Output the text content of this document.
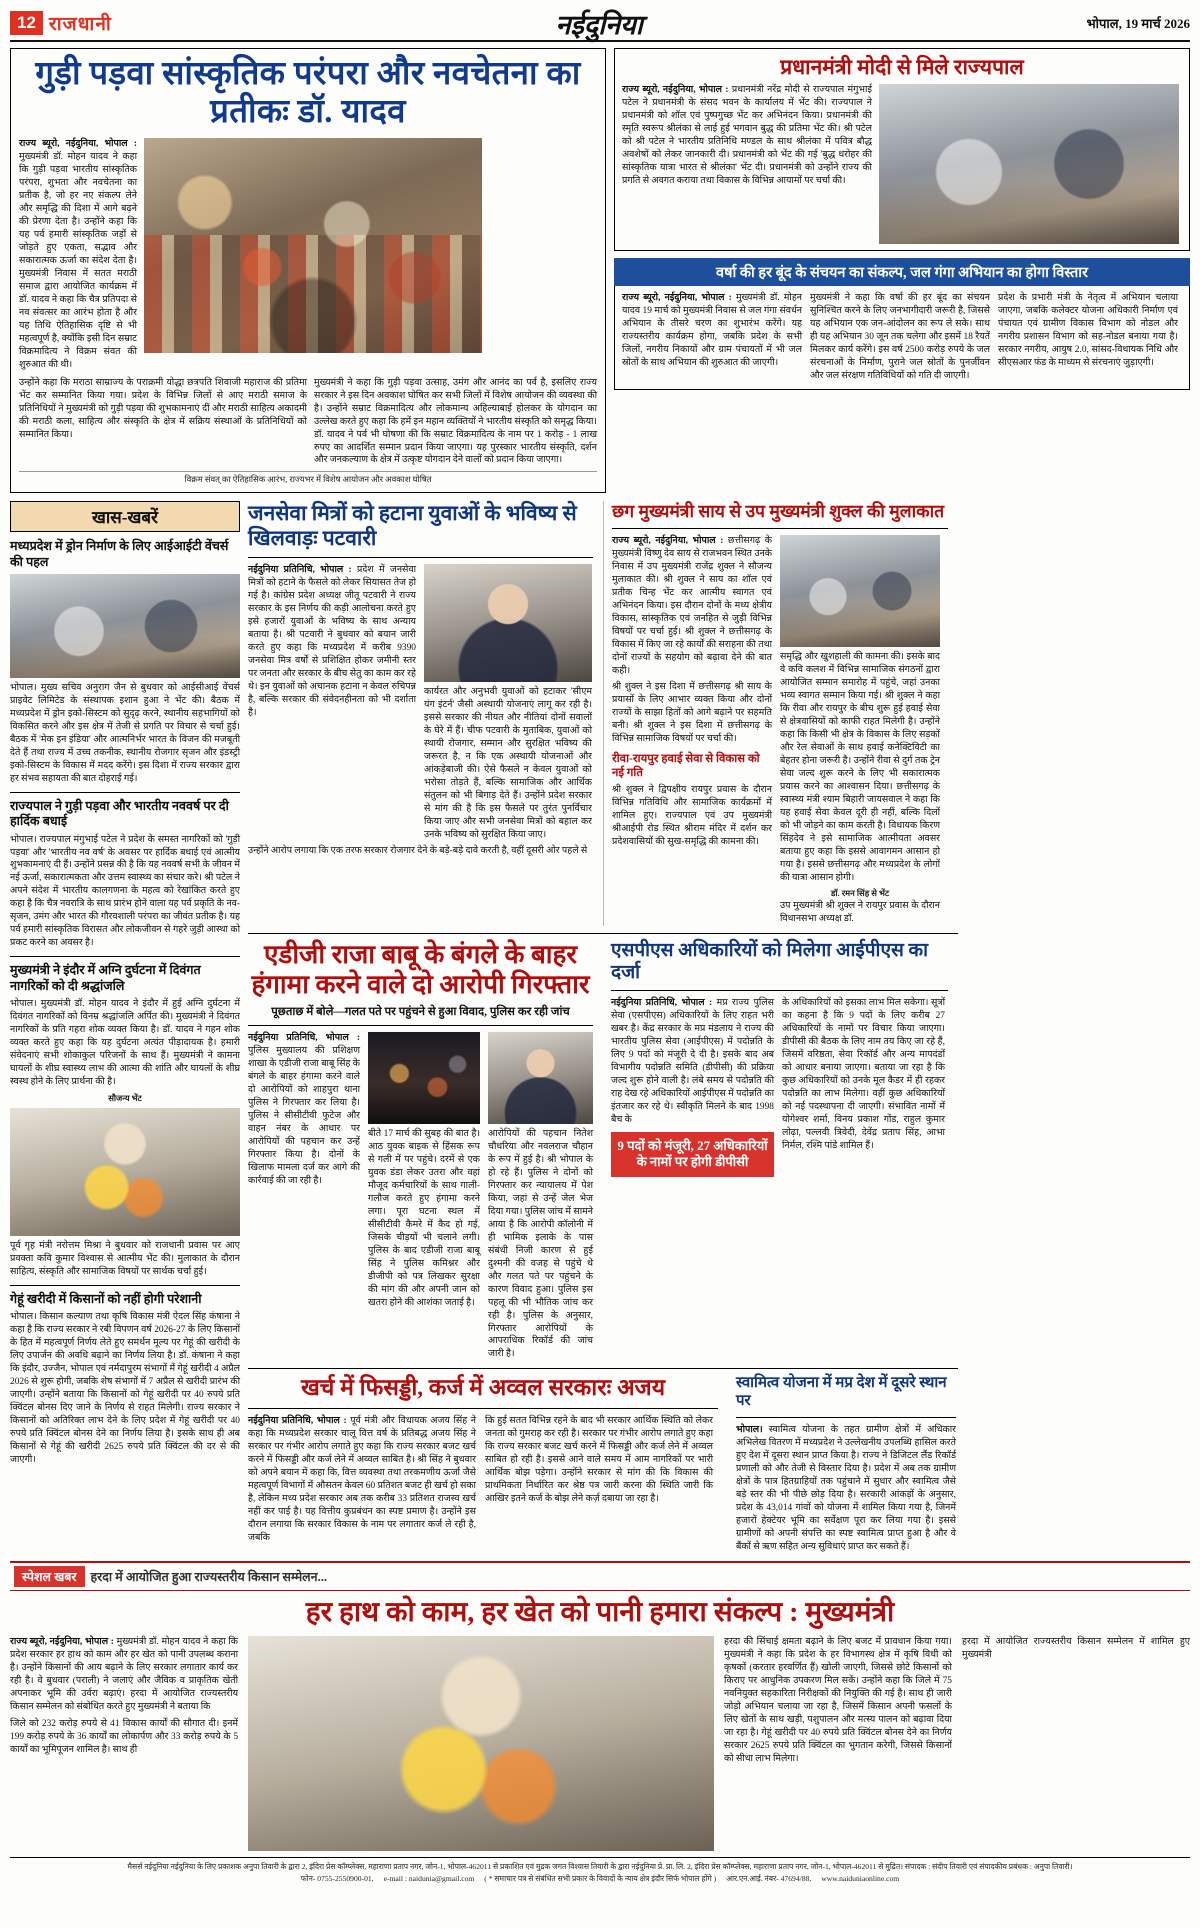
12 राजधानी	नईदुनिया	भोपाल, 19 मार्च 2026
गुड़ी पड़वा सांस्कृतिक परंपरा और नवचेतना का प्रतीकः डॉ. यादव
राज्य ब्यूरो, नईदुनिया, भोपाल : मुख्यमंत्री डॉ. मोहन यादव ने कहा कि गुड़ी पड़वा भारतीय सांस्कृतिक परंपरा, शुभता और नवचेतना का प्रतीक है, जो हर नए संकल्प लेने और समृद्धि की दिशा में आगे बढ़ने की प्रेरणा देता है। उन्होंने कहा कि यह पर्व हमारी सांस्कृतिक जड़ों से जोड़ते हुए एकता, सद्भाव और सकारात्मक ऊर्जा का संदेश देता है। मुख्यमंत्री निवास में सतत मराठी समाज द्वारा आयोजित कार्यक्रम में डॉ. यादव ने कहा कि चैत्र प्रतिपदा से नव संवत्सर का आरंभ होता है और यह तिथि ऐतिहासिक दृष्टि से भी महत्वपूर्ण है, क्योंकि इसी दिन सम्राट विक्रमादित्य ने विक्रम संवत की शुरुआत की थी।
उन्होंने कहा कि मराठा साम्राज्य के पराक्रमी योद्धा छत्रपति शिवाजी महाराज की प्रतिमा भेंट कर सम्मानित किया गया। प्रदेश के विभिन्न जिलों से आए मराठी समाज के प्रतिनिधियों ने मुख्यमंत्री को गुड़ी पड़वा की शुभकामनाएं दीं और मराठी साहित्य अकादमी की मराठी कला, साहित्य और संस्कृति के क्षेत्र में सक्रिय संस्थाओं के प्रतिनिधियों को सम्मानित किया।
मुख्यमंत्री ने कहा कि गुड़ी पड़वा उत्साह, उमंग और आनंद का पर्व है, इसलिए राज्य सरकार ने इस दिन अवकाश घोषित कर सभी जिलों में विशेष आयोजन की व्यवस्था की है। उन्होंने सम्राट विक्रमादित्य और लोकमान्य अहिल्याबाई होलकर के योगदान का उल्लेख करते हुए कहा कि हमें इन महान व्यक्तियों ने भारतीय संस्कृति को समृद्ध किया। डॉ. यादव ने पर्व भी घोषणा की कि सम्राट विक्रमादित्य के नाम पर 1 करोड़ - 1 लाख रुपए का आदर्शित सम्मान प्रदान किया जाएगा। यह पुरस्कार भारतीय संस्कृति, दर्शन और जनकल्याण के क्षेत्र में उत्कृष्ट योगदान देने वालों को प्रदान किया जाएगा।
विक्रम संवत् का ऐतिहासिक आरंभ, राज्यभर में विशेष आयोजन और अवकाश घोषित
प्रधानमंत्री मोदी से मिले राज्यपाल
राज्य ब्यूरो, नईदुनिया, भोपाल : प्रधानमंत्री नरेंद्र मोदी से राज्यपाल मंगुभाई पटेल ने प्रधानमंत्री के संसद भवन के कार्यालय में भेंट की। राज्यपाल ने प्रधानमंत्री को शॉल एवं पुष्पगुच्छ भेंट कर अभिनंदन किया। प्रधानमंत्री की स्मृति स्वरूप श्रीलंका से लाई हुई भगवान बुद्ध की प्रतिमा भेंट की। श्री पटेल को श्री पटेल ने भारतीय प्रतिनिधि मण्डल के साथ श्रीलंका में पवित्र बौद्ध अवशेषों को लेकर जानकारी दी। प्रधानमंत्री को भेंट की गई 'बुद्ध धरोहर की सांस्कृतिक यात्रा भारत से श्रीलंका' भेंट दी। प्रधानमंत्री को उन्होंने राज्य की प्रगति से अवगत कराया तथा विकास के विभिन्न आयामों पर चर्चा की।
वर्षा की हर बूंद के संचयन का संकल्प, जल गंगा अभियान का होगा विस्तार
राज्य ब्यूरो, नईदुनिया, भोपाल : मुख्यमंत्री डॉ. मोहन यादव 19 मार्च को मुख्यमंत्री निवास से जल गंगा संवर्धन अभियान के तीसरे चरण का शुभारंभ करेंगे। यह राज्यस्तरीय कार्यक्रम होगा, जबकि प्रदेश के सभी जिलों, नगरीय निकायों और ग्राम पंचायतों में भी जल स्रोतों के साथ अभियान की शुरुआत की जाएगी।
मुख्यमंत्री ने कहा कि वर्षा की हर बूंद का संचयन सुनिश्चित करने के लिए जनभागीदारी जरूरी है, जिससे यह अभियान एक जन-आंदोलन का रूप ले सके। साथ ही यह अभियान 30 जून तक चलेगा और इसमें 18 रैयतें मिलकर कार्य करेंगे। इस वर्ष 2500 करोड़ रुपये के जल संरचनाओं के निर्माण, पुराने जल स्रोतों के पुनर्जीवन और जल संरक्षण गतिविधियों को गति दी जाएगी।
प्रदेश के प्रभारी मंत्री के नेतृत्व में अभियान चलाया जाएगा, जबकि कलेक्टर योजना अधिकारी निर्माण एवं पंचायत एवं ग्रामीण विकास विभाग को नोडल और नगरीय प्रशासन विभाग को सह-नोडल बनाया गया है। सरकार नगरीय, आयुष 2.0, सांसद-विधायक निधि और सीएसआर फंड के माध्यम से संरचनाएं जुड़ाएगी।
खास-खबरें
मध्यप्रदेश में ड्रोन निर्माण के लिए आईआईटी वेंचर्स की पहल
भोपाल। मुख्य सचिव अनुराग जैन से बुधवार को आईसीआई वेंचर्स प्राइवेट लिमिटेड के संस्थापक इशान हुआ ने भेंट की। बैठक में मध्यप्रदेश में ड्रोन इको-सिस्टम को सुदृढ़ करने, स्थानीय सहभागियों को विकसित करने और इस क्षेत्र में तेजी से प्रगति पर विचार से चर्चा हुई। बैठक में 'मेक इन इंडिया' और आत्मनिर्भर भारत के विजन की मजबूती देते हैं तथा राज्य में उच्च तकनीक, स्थानीय रोजगार सृजन और इंडस्ट्री इको-सिस्टम के विकास में मदद करेंगे। इस दिशा में राज्य सरकार द्वारा हर संभव सहायता की बात दोहराई गई।
राज्यपाल ने गुड़ी पड़वा और भारतीय नववर्ष पर दी हार्दिक बधाई
भोपाल। राज्यपाल मंगुभाई पटेल ने प्रदेश के समस्त नागरिकों को 'गुड़ी पड़वा' और 'भारतीय नव वर्ष' के अवसर पर हार्दिक बधाई एवं आत्मीय शुभकामनाएं दी हैं। उन्होंने प्रसन्न की है कि यह नववर्ष सभी के जीवन में नई ऊर्जा, सकारात्मकता और उत्तम स्वास्थ्य का संचार करे। श्री पटेल ने अपने संदेश में भारतीय कालगणना के महत्व को रेखांकित करते हुए कहा है कि चैत्र नवरात्रि के साथ प्रारंभ होने वाला यह पर्व प्रकृति के नव-सृजन, उमंग और भारत की गौरवशाली परंपरा का जीवंत प्रतीक है। यह पर्व हमारी सांस्कृतिक विरासत और लोकजीवन से गहरे जुड़ी आस्था को प्रकट करने का अवसर है।
मुख्यमंत्री ने इंदौर में अग्नि दुर्घटना में दिवंगत नागरिकों को दी श्रद्धांजलि
भोपाल। मुख्यमंत्री डॉ. मोहन यादव ने इंदौर में हुई अग्नि दुर्घटना में दिवंगत नागरिकों को विनम्र श्रद्धांजलि अर्पित की। मुख्यमंत्री ने दिवंगत नागरिकों के प्रति गहरा शोक व्यक्त किया है। डॉ. यादव ने गहन शोक व्यक्त करते हुए कहा कि यह दुर्घटना अत्यंत पीड़ादायक है। हमारी संवेदनाएं सभी शोकाकुल परिजनों के साथ हैं। मुख्यमंत्री ने कामना घायलों के शीघ्र स्वास्थ्य लाभ की आत्मा की शांति और घायलों के शीघ्र स्वस्थ होने के लिए प्रार्थना की है।
सौजन्य भेंट
पूर्व गृह मंत्री नरोत्तम मिश्रा ने बुधवार को राजधानी प्रवास पर आए प्रवक्ता कवि कुमार विश्वास से आत्मीय भेंट की। मुलाकात के दौरान साहित्य, संस्कृति और सामाजिक विषयों पर सार्थक चर्चा हुई।
गेहूं खरीदी में किसानों को नहीं होगी परेशानी
भोपाल। किसान कल्याण तथा कृषि विकास मंत्री ऐदल सिंह कंषाना ने कहा है कि राज्य सरकार ने रबी विपणन वर्ष 2026-27 के लिए किसानों के हित में महत्वपूर्ण निर्णय लेते हुए समर्थन मूल्य पर गेहूं की खरीदी के लिए उपार्जन की अवधि बढ़ाने का निर्णय लिया है। डॉ. कंषाना ने कहा कि इंदौर, उज्जैन, भोपाल एवं नर्मदापुरम संभागों में गेहूं खरीदी 4 अप्रैल 2026 से शुरू होगी, जबकि शेष संभागों में 7 अप्रैल से खरीदी प्रारंभ की जाएगी। उन्होंने बताया कि किसानों को गेहूं खरीदी पर 40 रुपये प्रति क्विंटल बोनस दिए जाने के निर्णय से राहत मिलेगी। राज्य सरकार ने किसानों को अतिरिक्त लाभ देने के लिए प्रदेश में गेहूं खरीदी पर 40 रुपये प्रति क्विंटल बोनस देने का निर्णय लिया है। इसके साथ ही अब किसानों से गेहूं की खरीदी 2625 रुपये प्रति क्विंटल की दर से की जाएगी।
जनसेवा मित्रों को हटाना युवाओं के भविष्य से खिलवाड़ः पटवारी
नईदुनिया प्रतिनिधि, भोपाल : प्रदेश में जनसेवा मित्रों को हटाने के फैसले को लेकर सियासत तेज हो गई है। कांग्रेस प्रदेश अध्यक्ष जीतू पटवारी ने राज्य सरकार के इस निर्णय की कड़ी आलोचना करते हुए इसे हजारों युवाओं के भविष्य के साथ अन्याय बताया है। श्री पटवारी ने बुधवार को बयान जारी करते हुए कहा कि मध्यप्रदेश में करीब 9390 जनसेवा मित्र वर्षों से प्रशिक्षित होकर जमीनी स्तर पर जनता और सरकार के बीच सेतु का काम कर रहे थे। इन युवाओं को अचानक हटाना न केवल रुचिपन्न है, बल्कि सरकार की संवेदनहीनता को भी दर्शाता है।
कार्यरत और अनुभवी युवाओं को हटाकर 'सीएम यंग इंटर्न' जैसी अस्थायी योजनाएं लागू कर रही है। इससे सरकार की नीयत और नीतियां दोनों सवालों के घेरे में हैं। चीफ पटवारी के मुताबिक, युवाओं को स्थायी रोजगार, सम्मान और सुरक्षित भविष्य की जरूरत है, न कि एक अस्थायी योजनाओं और आंकड़ेबाजी की। ऐसे फैसले न केवल युवाओं को भरोसा तोड़ते हैं, बल्कि सामाजिक और आर्थिक संतुलन को भी बिगाड़ देते हैं। उन्होंने प्रदेश सरकार से मांग की है कि इस फैसले पर तुरंत पुनर्विचार किया जाए और सभी जनसेवा मित्रों को बहाल कर उनके भविष्य को सुरक्षित किया जाए।
उन्होंने आरोप लगाया कि एक तरफ सरकार रोजगार देने के बड़े-बड़े दावे करती है, वहीं दूसरी ओर पहले से
छग मुख्यमंत्री साय से उप मुख्यमंत्री शुक्ल की मुलाकात
राज्य ब्यूरो, नईदुनिया, भोपाल : छत्तीसगढ़ के मुख्यमंत्री विष्णु देव साय से राजभवन स्थित उनके निवास में उप मुख्यमंत्री राजेंद्र शुक्ल ने सौजन्य मुलाकात की। श्री शुक्ल ने साय का शॉल एवं प्रतीक चिन्ह भेंट कर आत्मीय स्वागत एवं अभिनंदन किया। इस दौरान दोनों के मध्य क्षेत्रीय विकास, सांस्कृतिक एवं जनहित से जुड़ी विभिन्न विषयों पर चर्चा हुई। श्री शुक्ल ने छत्तीसगढ़ के विकास में किए जा रहे कार्यों की सराहना की तथा दोनों राज्यों के सहयोग को बढ़ावा देने की बात कही।
श्री शुक्ल ने इस दिशा में छत्तीसगढ़ श्री साय के प्रयासों के लिए आभार व्यक्त किया और दोनों राज्यों के साझा हितों को आगे बढ़ाने पर सहमति बनी। श्री शुक्ल ने इस दिशा में छत्तीसगढ़ के विभिन्न सामाजिक विषयों पर चर्चा की।
रीवा-रायपुर हवाई सेवा से विकास को नई गति
श्री शुक्ल ने द्विपक्षीय रायपुर प्रवास के दौरान विभिन्न गतिविधि और सामाजिक कार्यक्रमों में शामिल हुए। राज्यपाल एवं उप मुख्यमंत्री श्रीआईपी रोड स्थित श्रीराम मंदिर में दर्शन कर प्रदेशवासियों की सुख-समृद्धि की कामना की।
समृद्धि और खुशहाली की कामना की। इसके बाद वे कवि कलश में विभिन्न सामाजिक संगठनों द्वारा आयोजित सम्मान समारोह में पहुंचे, जहां उनका भव्य स्वागत सम्मान किया गई। श्री शुक्ल ने कहा कि रीवा और रायपुर के बीच शुरू हुई हवाई सेवा से क्षेत्रवासियों को काफी राहत मिलेगी है। उन्होंने कहा कि किसी भी क्षेत्र के विकास के लिए सड़कों और रेल सेवाओं के साथ हवाई कनेक्टिविटी का बेहतर होना जरूरी है। उन्होंने रीवा से दुर्ग तक ट्रेन सेवा जल्द शुरू करने के लिए भी सकारात्मक प्रयास करने का आश्वासन दिया। छत्तीसगढ़ के स्वास्थ्य मंत्री श्याम बिहारी जायसवाल ने कहा कि यह हवाई सेवा केवल दूरी ही नहीं, बल्कि दिलों को भी जोड़ने का काम करती है। विधायक किरण सिंहदेव ने इसे सामाजिक आत्मीयता अवसर बताया हुए कहा कि इससे आवागमन आसान हो गया है। इससे छत्तीसगढ़ और मध्यप्रदेश के लोगों की यात्रा आसान होगी।
डॉ. रमन सिंह से भेंट
उप मुख्यमंत्री श्री शुक्ल ने रायपुर प्रवास के दौरान विधानसभा अध्यक्ष डॉ.
एडीजी राजा बाबू के बंगले के बाहर हंगामा करने वाले दो आरोपी गिरफ्तार
पूछताछ में बोले—गलत पते पर पहुंचने से हुआ विवाद, पुलिस कर रही जांच
नईदुनिया प्रतिनिधि, भोपाल : पुलिस मुख्यालय की प्रशिक्षण शाखा के एडीजी राजा बाबू सिंह के बंगले के बाहर हंगामा करने वाले दो आरोपियों को शाहपुरा थाना पुलिस ने गिरफ्तार कर लिया है। पुलिस ने सीसीटीवी फुटेज और वाहन नंबर के आधार पर आरोपियों की पहचान कर उन्हें गिरफ्तार किया है। दोनों के खिलाफ मामला दर्ज कर आगे की कार्रवाई की जा रही है।
बीते 17 मार्च की सुबह की बात है। आठ युवक बाइक से हिंसक रूप से गली में पर पहुंचे। दरमें से एक युवक डंडा लेकर उतरा और वहां मौजूद कर्मचारियों के साथ गाली-गलौज करते हुए हंगामा करने लगा। पूरा घटना स्थल में सीसीटीवी कैमरे में कैद हो गई, जिसके चीड़यों भी चलाने लगी। पुलिस के बाद एडीजी राजा बाबू सिंह ने पुलिस कमिश्नर और डीजीपी को पत्र लिखकर सुरक्षा की मांग की और अपनी जान को खतरा होने की आशंका जताई है।
आरोपियों की पहचान नितेश चौधरिया और नवलराज चौहान के रूप में हुई है। श्री भोपाल के हो रहे हैं। पुलिस ने दोनों को गिरफ्तार कर न्यायालय में पेश किया, जहां से उन्हें जेल भेज दिया गया। पुलिस जांच में सामने आया है कि आरोपी कॉलोनी में ही भामिक इलाके के पास संबंधी निजी कारण से हुई दुश्मनी की वजह से पहुंचे थे और गलत पते पर पहुंचने के कारण विवाद हुआ। पुलिस इस पहलू की भी भौतिक जांच कर रही है। पुलिस के अनुसार, गिरफ्तार आरोपियों के आपराधिक रिकॉर्ड की जांच जारी है।
एसपीएस अधिकारियों को मिलेगा आईपीएस का दर्जा
नईदुनिया प्रतिनिधि, भोपाल : मप्र राज्य पुलिस सेवा (एसपीएस) अधिकारियों के लिए राहत भरी खबर है। केंद्र सरकार के मप्र मंडलाय ने राज्य की भारतीय पुलिस सेवा (आईपीएस) में पदोन्नति के लिए 9 पदों को मंजूरी दे दी है। इसके बाद अब विभागीय पदोन्नति समिति (डीपीसी) की प्रक्रिया जल्द शुरू होने वाली है। लंबे समय से पदोन्नति की राह देख रहे अधिकारियों आईपीएस में पदोन्नति का इंतजार कर रहे थे। स्वीकृति मिलने के बाद 1998 बैच के
9 पदों को मंजूरी, 27 अधिकारियों के नामों पर होगी डीपीसी
के अधिकारियों को इसका लाभ मिल सकेगा। सूत्रों का कहना है कि 9 पदों के लिए करीब 27 अधिकारियों के नामों पर विचार किया जाएगा। डीपीसी की बैठक के लिए नाम तय किए जा रहे हैं, जिसमें वरिष्ठता, सेवा रिकॉर्ड और अन्य मापदंडों को आधार बनाया जाएगा। बताया जा रहा है कि कुछ अधिकारियों को उनके मूल कैडर में ही रहकर पदोन्नति का लाभ मिलेगा। वहीं कुछ अधिकारियों को नई पदस्थापना दी जाएगी। संभावित नामों में योगेश्वर शर्मा, विनय प्रकाश गोंड, राहुल कुमार लोढ़ा, पल्लवी त्रिवेदी, देवेंद्र प्रताप सिंह, आभा निर्मल, रश्मि पांडे शामिल हैं।
खर्च में फिसड्डी, कर्ज में अव्वल सरकारः अजय
नईदुनिया प्रतिनिधि, भोपाल : पूर्व मंत्री और विधायक अजय सिंह ने कहा कि मध्यप्रदेश सरकार चालू वित्त वर्ष के प्रतिबद्ध अजय सिंह ने सरकार पर गंभीर आरोप लगाते हुए कहा कि राज्य सरकार बजट खर्च करने में फिसड्डी और कर्ज लेने में अव्वल साबित है। श्री सिंह ने बुधवार को अपने बयान में कहा कि, वित्त व्यवस्था तथा तरकमणीय ऊर्जा जैसे महत्वपूर्ण विभागों में औसतन केवल 60 प्रतिशत बजट ही खर्च हो सका है, लेकिन मध्य प्रदेश सरकार अब तक करीब 33 प्रतिशत राजस्व खर्च नहीं कर पाई है। यह वित्तीय कुप्रबंधन का स्पष्ट प्रमाण है। उन्होंने इस दौरान लगाया कि सरकार विकास के नाम पर लगातार कर्ज ले रही है, जबकि
कि हुई सतत विभिन्न रहने के बाद भी सरकार आर्थिक स्थिति को लेकर जनता को गुमराह कर रही है। सरकार पर गंभीर आरोप लगाते हुए कहा कि राज्य सरकार बजट खर्च करने में फिसड्डी और कर्ज लेने में अव्वल साबित हो रही है। इससे आने वाले समय में आम नागरिकों पर भारी आर्थिक बोझ पड़ेगा। उन्होंने सरकार से मांग की कि विकास की प्राथमिकता निर्धारित कर श्रेष्ठ पत्र जारी करना की स्थिति जारी कि आखिर इतने कर्ज के बोझ लेने कर्ज़ दबाया जा रहा है।
स्वामित्व योजना में मप्र देश में दूसरे स्थान पर
भोपाल। स्वामित्व योजना के तहत ग्रामीण क्षेत्रों में अधिकार अभिलेख वितरण में मध्यप्रदेश ने उल्लेखनीय उपलब्धि हासिल करते हुए देश में दूसरा स्थान प्राप्त किया है। राज्य ने डिजिटल लैंड रिकॉर्ड प्रणाली को और तेजी से विस्तार दिया है। प्रदेश में अब तक ग्रामीण क्षेत्रों के पात्र हितग्राहियों तक पहुंचाने में सुधार और स्वामित्व जैसे बड़े स्तर की भी पीछे छोड़ दिया है। सरकारी आंकड़ों के अनुसार, प्रदेश के 43,014 गांवों को योजना में शामिल किया गया है, जिनमें हजारों हेक्टेयर भूमि का सर्वेक्षण पूरा कर लिया गया है। इससे ग्रामीणों को अपनी संपत्ति का स्पष्ट स्वामित्व प्राप्त हुआ है और वे बैंकों से ऋण सहित अन्य सुविधाएं प्राप्त कर सकते हैं।
स्पेशल खबर	हरदा में आयोजित हुआ राज्यस्तरीय किसान सम्मेलन...
हर हाथ को काम, हर खेत को पानी हमारा संकल्प : मुख्यमंत्री
राज्य ब्यूरो, नईदुनिया, भोपाल : मुख्यमंत्री डॉ. मोहन यादव ने कहा कि प्रदेश सरकार हर हाथ को काम और हर खेत को पानी उपलब्ध कराना है। उन्होंने किसानों की आय बढ़ाने के लिए सरकार लगातार कार्य कर रही है। वे बुधवार (पराली) ने जलाएं और जैविक व प्राकृतिक खेती अपनाकर भूमि की उर्वरा बढ़ाएं। हरदा में आयोजित राज्यस्तरीय किसान सम्मेलन को संबोधित करते हुए मुख्यमंत्री ने बताया कि
जिले को 232 करोड़ रुपये से 41 विकास कार्यों की सौगात दी। इनमें 199 करोड़ रुपये के 36 कार्यों का लोकार्पण और 33 करोड़ रुपये के 5 कार्यों का भूमिपूजन शामिल है। साथ ही
हरदा की सिंचाई क्षमता बढ़ाने के लिए बजट में प्रावधान किया गया। मुख्यमंत्री ने कहा कि प्रदेश के हर विभागस्थ क्षेत्र में कृषि विधी को कृषकों (करतार हरवर्णित हैं) खोली जाएगी, जिससे छोटे किसानों को किराए पर आधुनिक उपकरण मिल सकें। उन्होंने कहा कि जिले में 75 नवनियुक्त सहकारिता निरीक्षकों की नियुक्ति की गई है। साथ ही जारी जोड़ो अभियान चलाया जा रहा है, जिसमें किसान अपनी फसलों के लिए खेतों के साथ खड़ी, पशुपालन और मत्स्य पालन को बढ़ावा दिया जा रहा है। गेहूं खरीदी पर 40 रुपये प्रति क्विंटल बोनस देने का निर्णय सरकार 2625 रुपये प्रति क्विंटल का भुगतान करेगी, जिससे किसानों को सीधा लाभ मिलेगा।
हरदा में आयोजित राज्यस्तरीय किसान सम्मेलन में शामिल हुए मुख्यमंत्री
मैसर्स नईदुनिया नईदुनिया के लिए प्रकाशक अनुपा तिवारी के द्वारा 2, इंदिरा प्रेस कॉम्प्लेक्स, महाराणा प्रताप नगर, जोन-1, भोपाल-462011 से प्रकाशित एवं मुद्रक जगत विश्वास तिवारी के द्वारा नईदुनिया प्रे. प्रा. लि. 2, इंदिरा प्रेस कॉम्प्लेक्स, महाराणा प्रताप नगर, जोन-1, भोपाल-462011 से मुद्रित। संपादक : संदीप तिवारी एवं संपादकीय प्रबंधक : अनुपा तिवारी।
फोन- 0755-2550900-01, e-mail : naidunia@gmail.com ( * समाचार पत्र से संबंधित सभी प्रकार के विवादों के न्याय क्षेत्र इंदौर सिर्फ भोपाल होंगे ) आर.एन.आई. नंबर- 47694/88, www.naiduniaonline.com
